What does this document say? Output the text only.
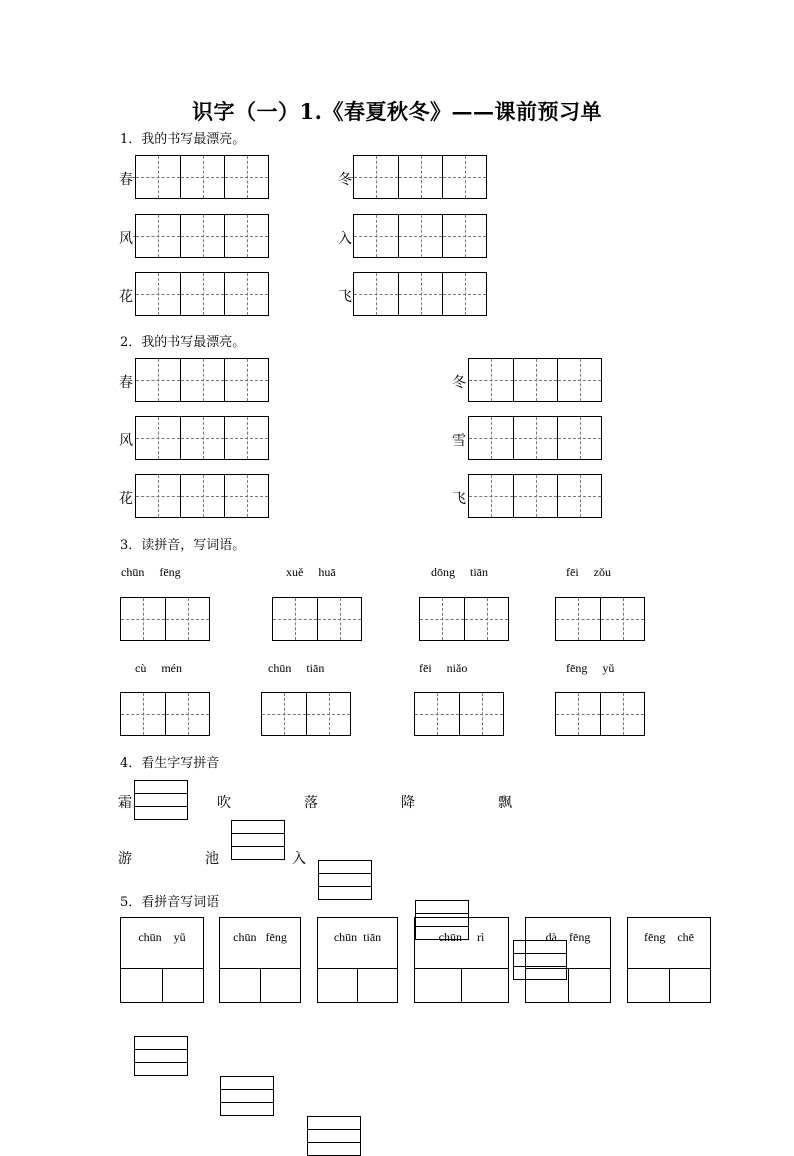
识字（一）1.《春夏秋冬》——课前预习单
1．我的书写最漂亮。
春	冬
风	入
花	飞
2．我的书写最漂亮。
春	冬
风	雪
花	飞
3．读拼音，写词语。
chūn fēng	xuě huā	dōng tiān	fēi zǒu
cù mén	chūn tiān	fēi niǎo	fēng yǔ
4．看生字写拼音
霜	吹	落	降	飘
游	池	入
5．看拼音写词语
chūn yǔ	chūn fēng	chūn tiān	chūn rì	dà fēng	fēng chē
